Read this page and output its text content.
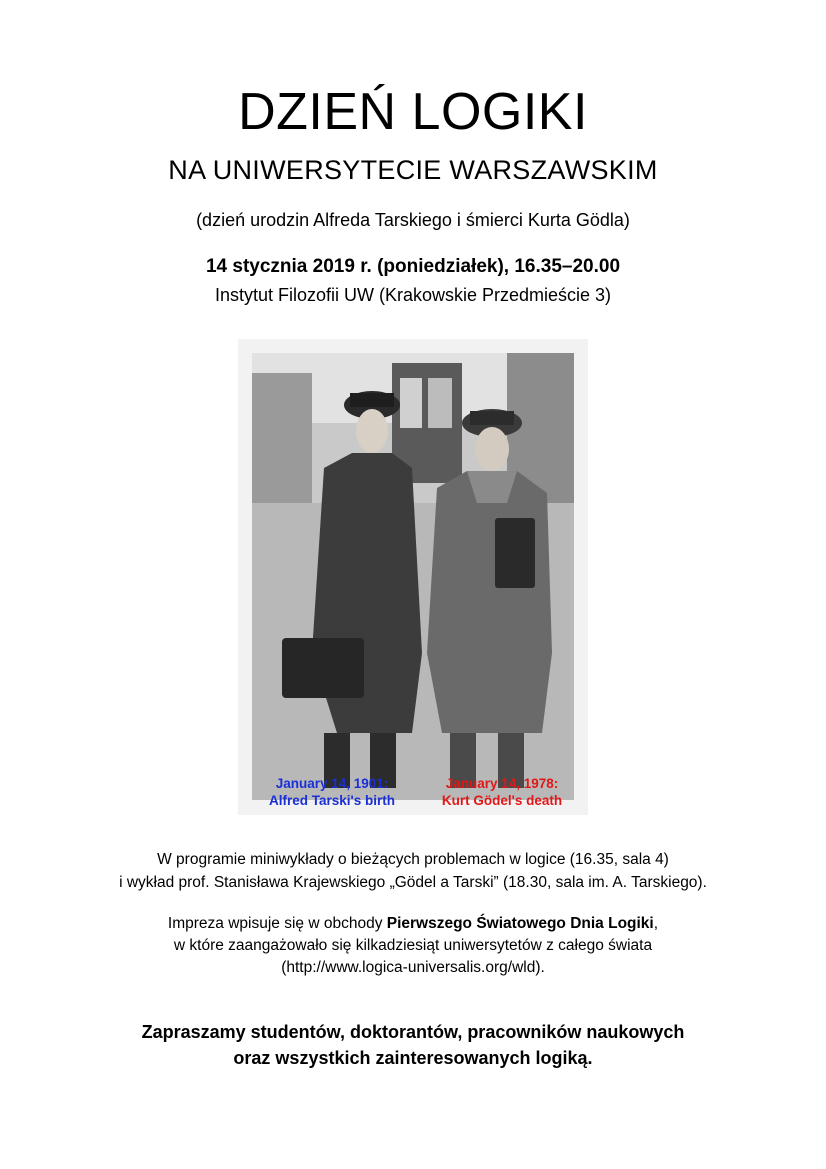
DZIEŃ LOGIKI
NA UNIWERSYTECIE WARSZAWSKIM
(dzień urodzin Alfreda Tarskiego i śmierci Kurta Gödla)
14 stycznia 2019 r. (poniedziałek), 16.35–20.00
Instytut Filozofii UW (Krakowskie Przedmieście 3)
January 14, 1901:
Alfred Tarski's birth
January 14, 1978:
Kurt Gödel's death
W programie miniwykłady o bieżących problemach w logice (16.35, sala 4)
i wykład prof. Stanisława Krajewskiego „Gödel a Tarski” (18.30, sala im. A. Tarskiego).
Impreza wpisuje się w obchody Pierwszego Światowego Dnia Logiki,
w które zaangażowało się kilkadziesiąt uniwersytetów z całego świata
(http://www.logica-universalis.org/wld).
Zapraszamy studentów, doktorantów, pracowników naukowych
oraz wszystkich zainteresowanych logiką.
